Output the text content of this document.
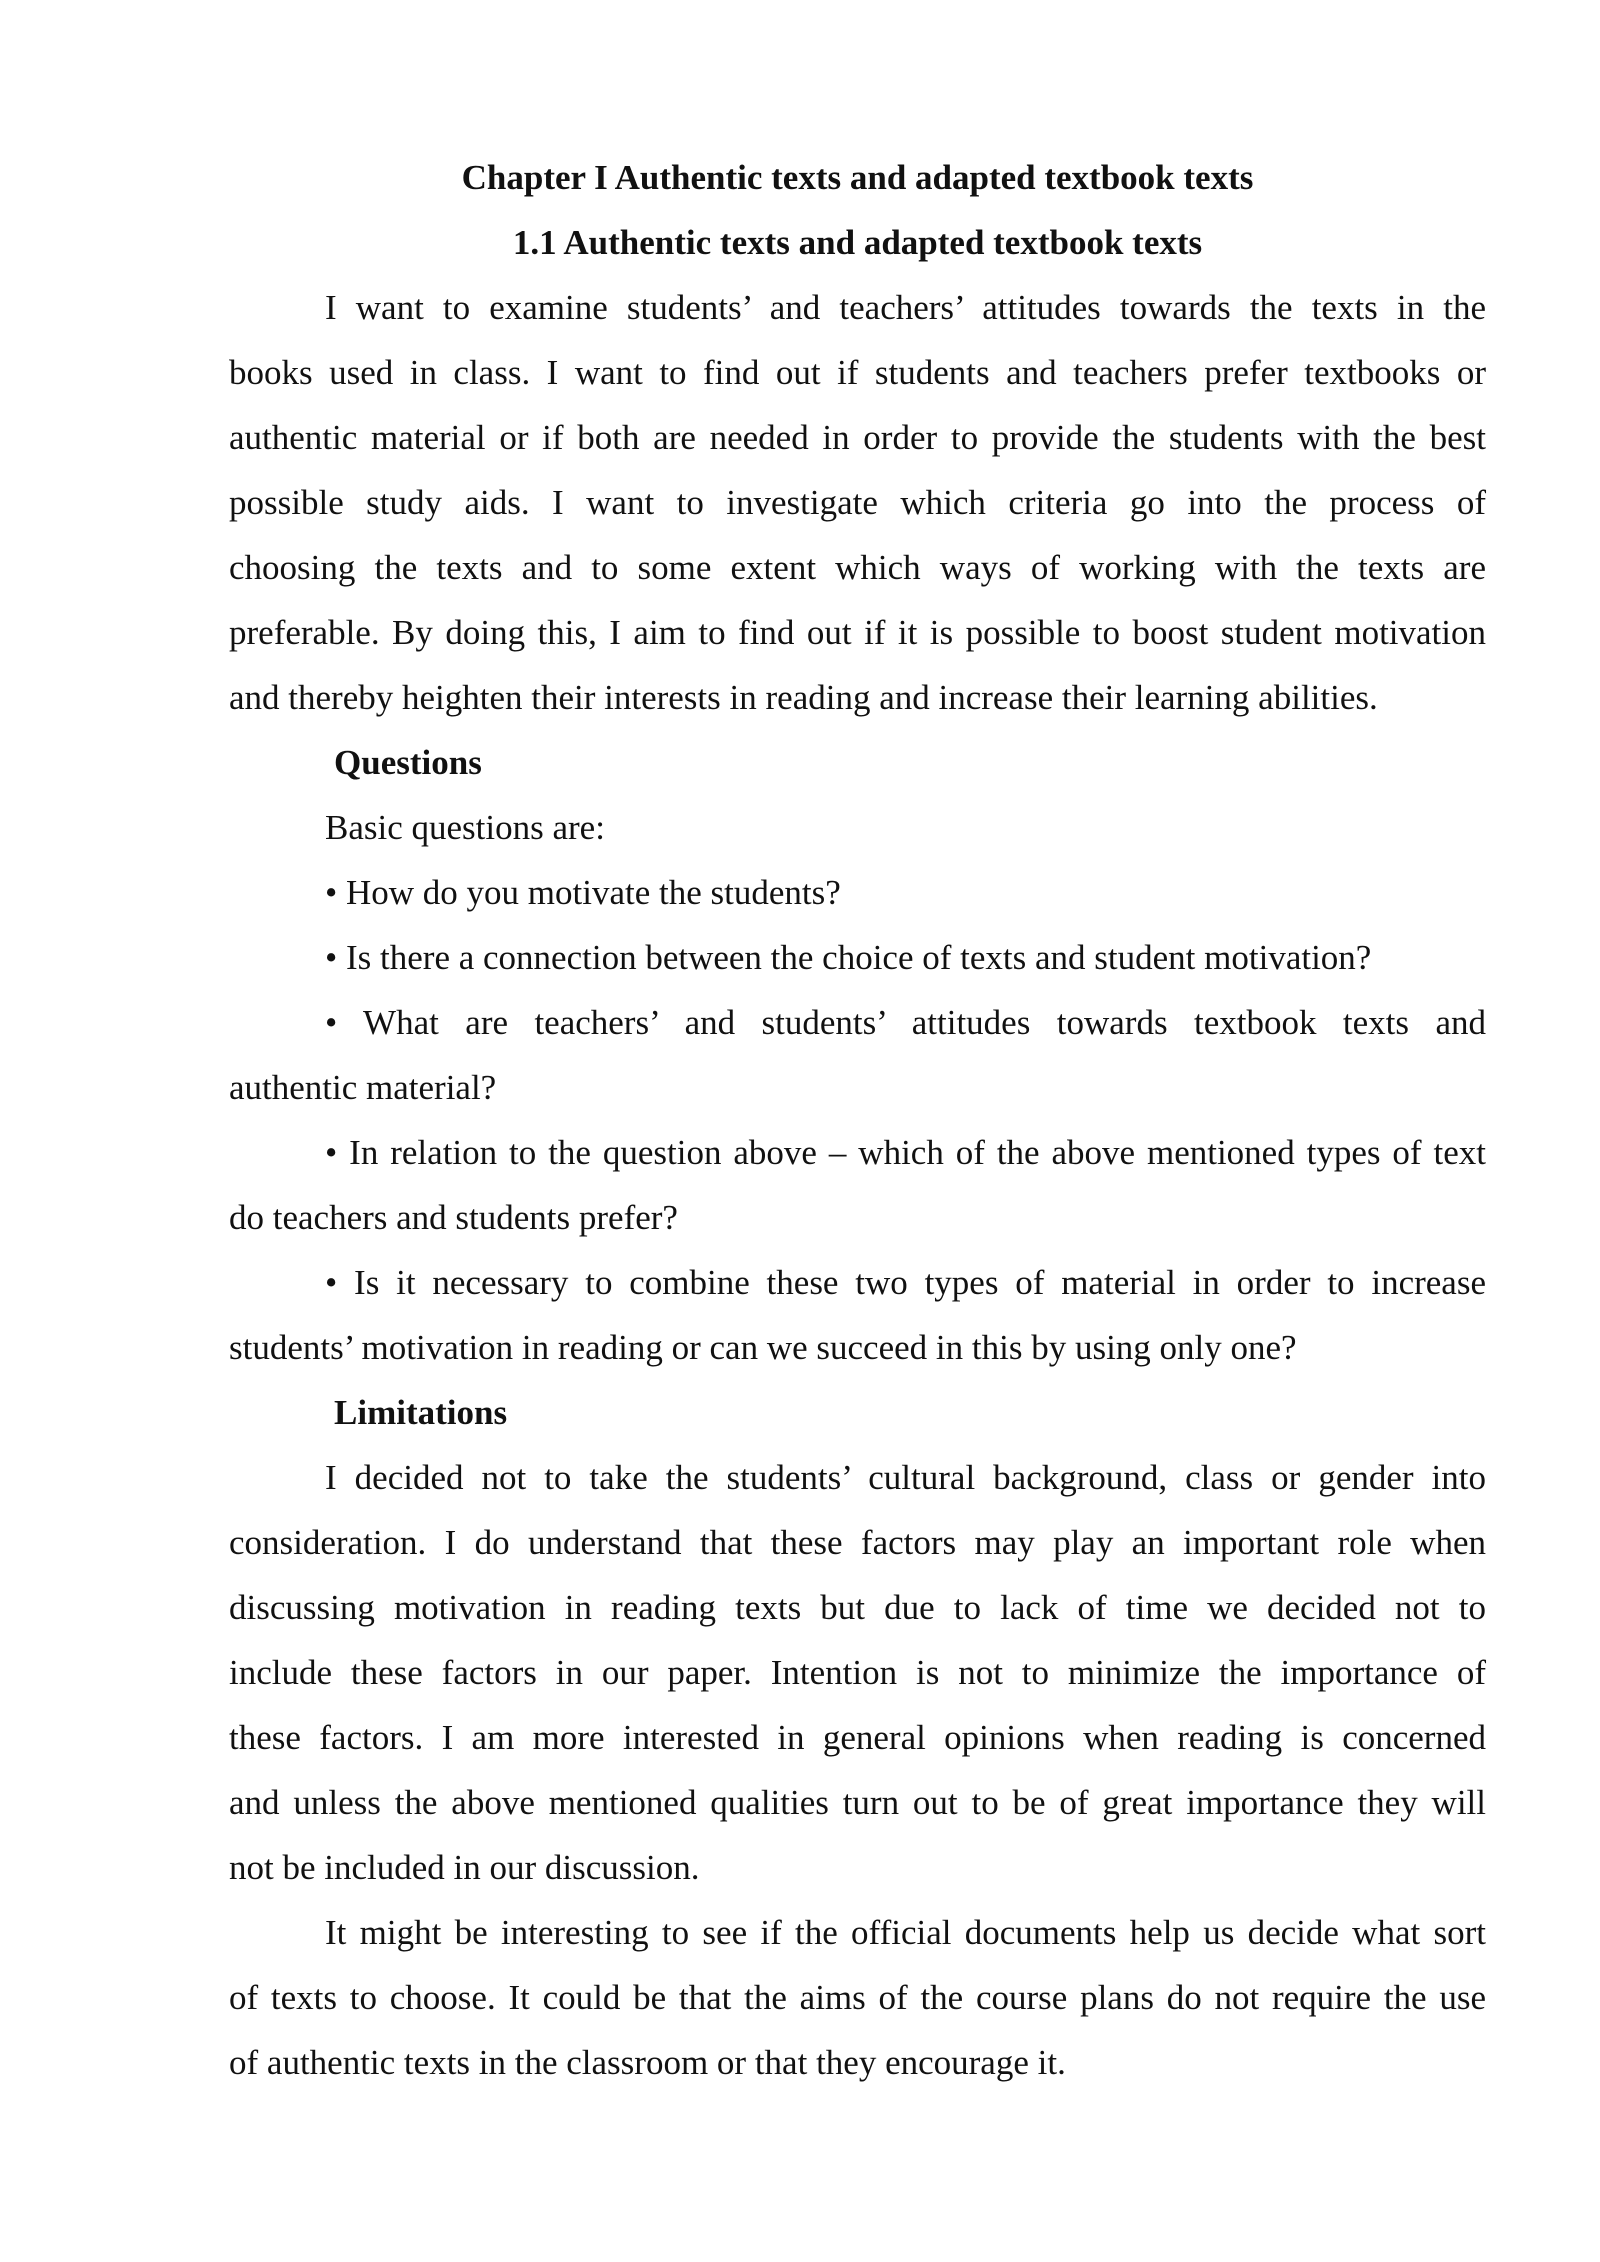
Chapter I Authentic texts and adapted textbook texts
1.1 Authentic texts and adapted textbook texts
I want to examine students’ and teachers’ attitudes towards the texts in the
books used in class. I want to find out if students and teachers prefer textbooks or
authentic material or if both are needed in order to provide the students with the best
possible study aids. I want to investigate which criteria go into the process of
choosing the texts and to some extent which ways of working with the texts are
preferable. By doing this, I aim to find out if it is possible to boost student motivation
and thereby heighten their interests in reading and increase their learning abilities.
Questions
Basic questions are:
• How do you motivate the students?
• Is there a connection between the choice of texts and student motivation?
• What are teachers’ and students’ attitudes towards textbook texts and
authentic material?
• In relation to the question above – which of the above mentioned types of text
do teachers and students prefer?
• Is it necessary to combine these two types of material in order to increase
students’ motivation in reading or can we succeed in this by using only one?
Limitations
I decided not to take the students’ cultural background, class or gender into
consideration. I do understand that these factors may play an important role when
discussing motivation in reading texts but due to lack of time we decided not to
include these factors in our paper. Intention is not to minimize the importance of
these factors. I am more interested in general opinions when reading is concerned
and unless the above mentioned qualities turn out to be of great importance they will
not be included in our discussion.
It might be interesting to see if the official documents help us decide what sort
of texts to choose. It could be that the aims of the course plans do not require the use
of authentic texts in the classroom or that they encourage it.
